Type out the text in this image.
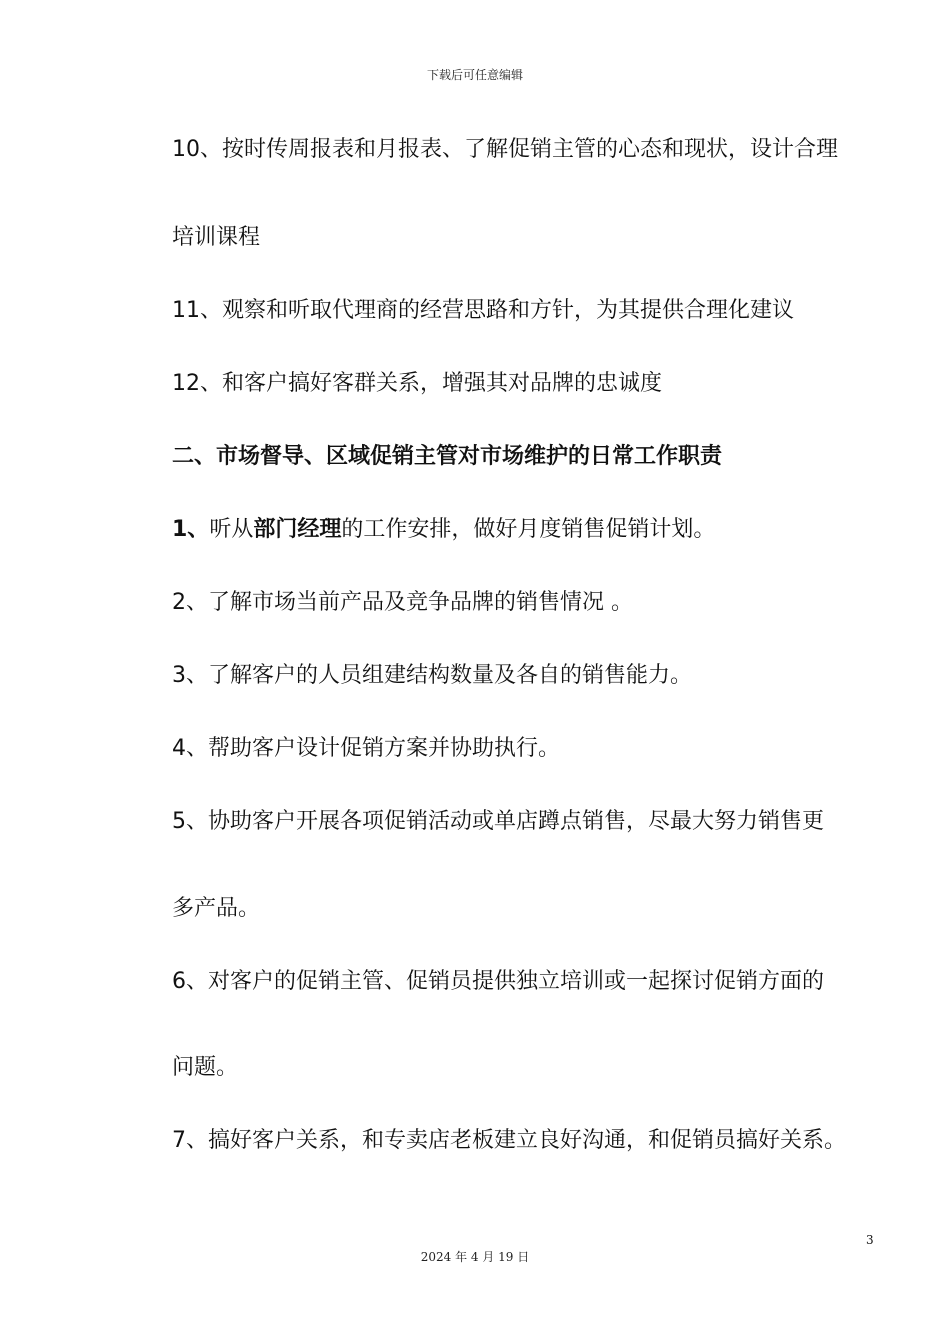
下载后可任意编辑
10、按时传周报表和月报表、了解促销主管的心态和现状，设计合理
培训课程
11、观察和听取代理商的经营思路和方针，为其提供合理化建议
12、和客户搞好客群关系，增强其对品牌的忠诚度
二、市场督导、区域促销主管对市场维护的日常工作职责
1、听从部门经理的工作安排，做好月度销售促销计划。
2、了解市场当前产品及竞争品牌的销售情况 。
3、了解客户的人员组建结构数量及各自的销售能力。
4、帮助客户设计促销方案并协助执行。
5、协助客户开展各项促销活动或单店蹲点销售，尽最大努力销售更
多产品。
6、对客户的促销主管、促销员提供独立培训或一起探讨促销方面的
问题。
7、搞好客户关系，和专卖店老板建立良好沟通，和促销员搞好关系。
3
2024 年 4 月 19 日
